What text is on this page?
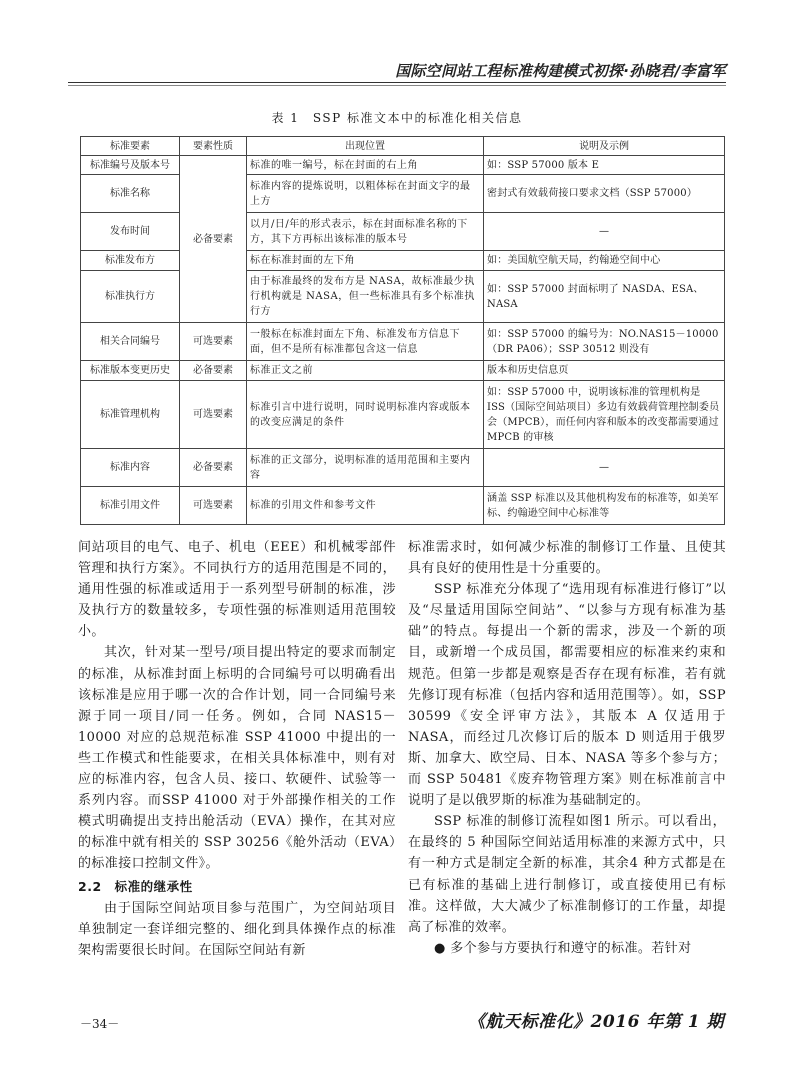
国际空间站工程标准构建模式初探·孙晓君/李富军
表 1　SSP 标准文本中的标准化相关信息
标准要素	要素性质	出现位置	说明及示例
标准编号及版本号	必备要素	标准的唯一编号，标在封面的右上角	如：SSP 57000 版本 E
标准名称		标准内容的提炼说明，以粗体标在封面文字的最上方	密封式有效载荷接口要求文档（SSP 57000）
发布时间		以月/日/年的形式表示，标在封面标准名称的下方，其下方再标出该标准的版本号	—
标准发布方		标在标准封面的左下角	如：美国航空航天局，约翰逊空间中心
标准执行方		由于标准最终的发布方是 NASA，故标准最少执行机构就是 NASA，但一些标准具有多个标准执行方	如：SSP 57000 封面标明了 NASDA、ESA、NASA
相关合同编号	可选要素	一般标在标准封面左下角、标准发布方信息下面，但不是所有标准都包含这一信息	如：SSP 57000 的编号为：NO.NAS15－10000 （DR PA06）；SSP 30512 则没有
标准版本变更历史	必备要素	标准正文之前	版本和历史信息页
标准管理机构	可选要素	标准引言中进行说明，同时说明标准内容或版本的改变应满足的条件	如：SSP 57000 中，说明该标准的管理机构是 ISS（国际空间站项目）多边有效载荷管理控制委员会（MPCB），而任何内容和版本的改变都需要通过 MPCB 的审核
标准内容	必备要素	标准的正文部分，说明标准的适用范围和主要内容	—
标准引用文件	可选要素	标准的引用文件和参考文件	涵盖 SSP 标准以及其他机构发布的标准等，如美军标、约翰逊空间中心标准等

间站项目的电气、电子、机电（EEE）和机械零部件管理和执行方案》。不同执行方的适用范围是不同的，通用性强的标准或适用于一系列型号研制的标准，涉及执行方的数量较多，专项性强的标准则适用范围较小。

其次，针对某一型号/项目提出特定的要求而制定的标准，从标准封面上标明的合同编号可以明确看出该标准是应用于哪一次的合作计划，同一合同编号来源于同一项目/同一任务。例如，合同 NAS15－10000 对应的总规范标准 SSP 41000 中提出的一些工作模式和性能要求，在相关具体标准中，则有对应的标准内容，包含人员、接口、软硬件、试验等一系列内容。而SSP 41000 对于外部操作相关的工作模式明确提出支持出舱活动（EVA）操作，在其对应的标准中就有相关的 SSP 30256《舱外活动（EVA）的标准接口控制文件》。

2.2　标准的继承性

由于国际空间站项目参与范围广，为空间站项目单独制定一套详细完整的、细化到具体操作点的标准架构需要很长时间。在国际空间站有新

标准需求时，如何减少标准的制修订工作量、且使其具有良好的使用性是十分重要的。

SSP 标准充分体现了“选用现有标准进行修订”以及“尽量适用国际空间站”、“以参与方现有标准为基础”的特点。每提出一个新的需求，涉及一个新的项目，或新增一个成员国，都需要相应的标准来约束和规范。但第一步都是观察是否存在现有标准，若有就先修订现有标准（包括内容和适用范围等）。如，SSP 30599《安全评审方法》，其版本 A 仅适用于 NASA，而经过几次修订后的版本 D 则适用于俄罗斯、加拿大、欧空局、日本、NASA 等多个参与方；而 SSP 50481《废弃物管理方案》则在标准前言中说明了是以俄罗斯的标准为基础制定的。

SSP 标准的制修订流程如图1 所示。可以看出，在最终的 5 种国际空间站适用标准的来源方式中，只有一种方式是制定全新的标准，其余4 种方式都是在已有标准的基础上进行制修订，或直接使用已有标准。这样做，大大减少了标准制修订的工作量，却提高了标准的效率。

● 多个参与方要执行和遵守的标准。若针对

－34－	《航天标准化》2016 年第 1 期
